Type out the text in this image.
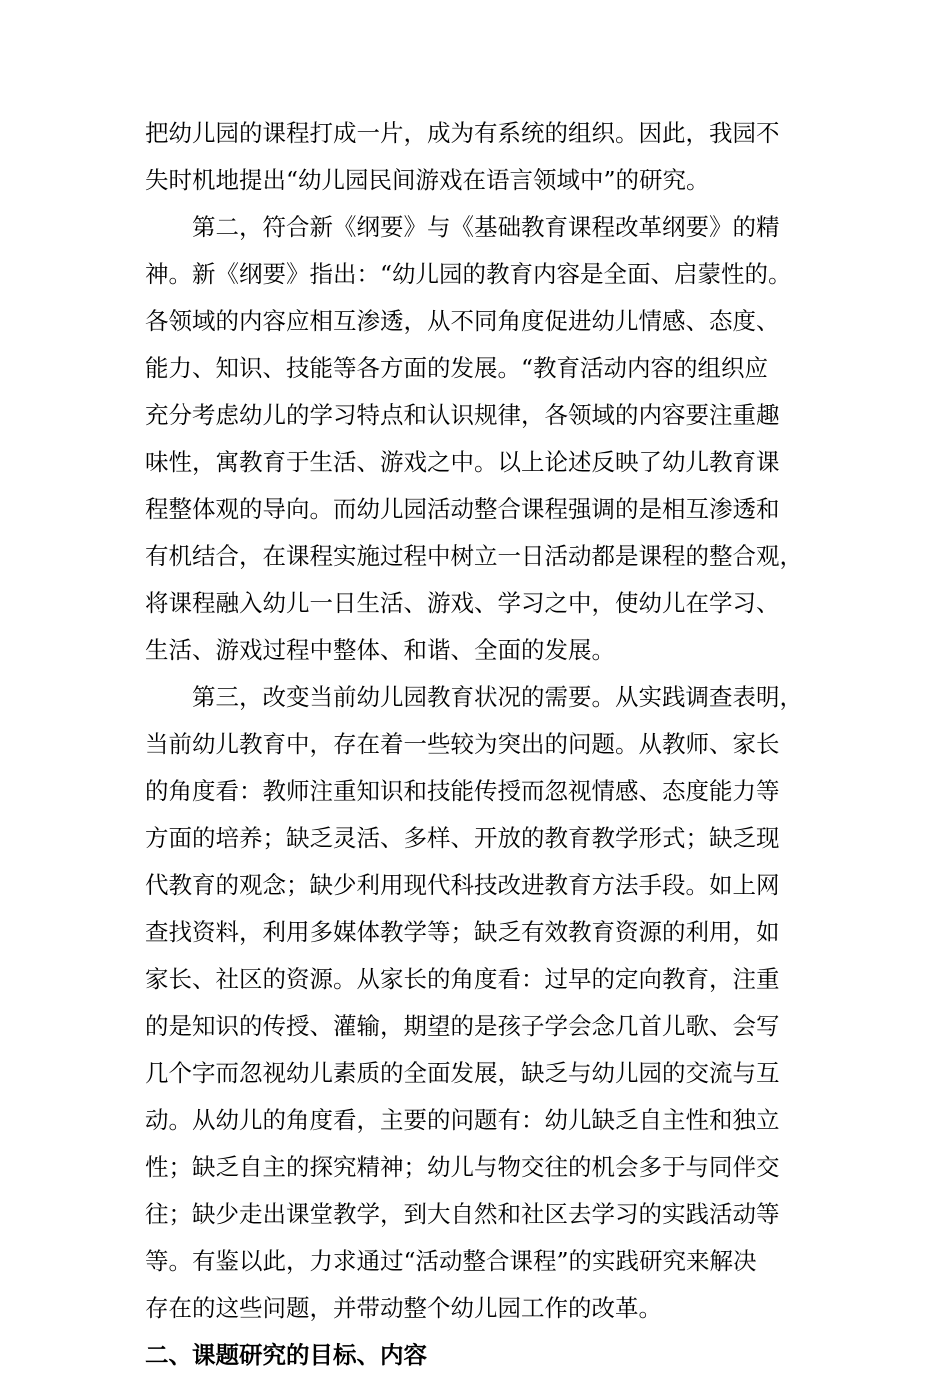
把幼儿园的课程打成一片，成为有系统的组织。因此，我园不
失时机地提出“幼儿园民间游戏在语言领域中”的研究。
第二，符合新《纲要》与《基础教育课程改革纲要》的精
神。新《纲要》指出：“幼儿园的教育内容是全面、启蒙性的。
各领域的内容应相互渗透，从不同角度促进幼儿情感、态度、
能力、知识、技能等各方面的发展。“教育活动内容的组织应
充分考虑幼儿的学习特点和认识规律，各领域的内容要注重趣
味性，寓教育于生活、游戏之中。以上论述反映了幼儿教育课
程整体观的导向。而幼儿园活动整合课程强调的是相互渗透和
有机结合，在课程实施过程中树立一日活动都是课程的整合观，
将课程融入幼儿一日生活、游戏、学习之中，使幼儿在学习、
生活、游戏过程中整体、和谐、全面的发展。
第三，改变当前幼儿园教育状况的需要。从实践调查表明，
当前幼儿教育中，存在着一些较为突出的问题。从教师、家长
的角度看：教师注重知识和技能传授而忽视情感、态度能力等
方面的培养；缺乏灵活、多样、开放的教育教学形式；缺乏现
代教育的观念；缺少利用现代科技改进教育方法手段。如上网
查找资料，利用多媒体教学等；缺乏有效教育资源的利用，如
家长、社区的资源。从家长的角度看：过早的定向教育，注重
的是知识的传授、灌输，期望的是孩子学会念几首儿歌、会写
几个字而忽视幼儿素质的全面发展，缺乏与幼儿园的交流与互
动。从幼儿的角度看，主要的问题有：幼儿缺乏自主性和独立
性；缺乏自主的探究精神；幼儿与物交往的机会多于与同伴交
往；缺少走出课堂教学，到大自然和社区去学习的实践活动等
等。有鉴以此，力求通过“活动整合课程”的实践研究来解决
存在的这些问题，并带动整个幼儿园工作的改革。
二、课题研究的目标、内容
